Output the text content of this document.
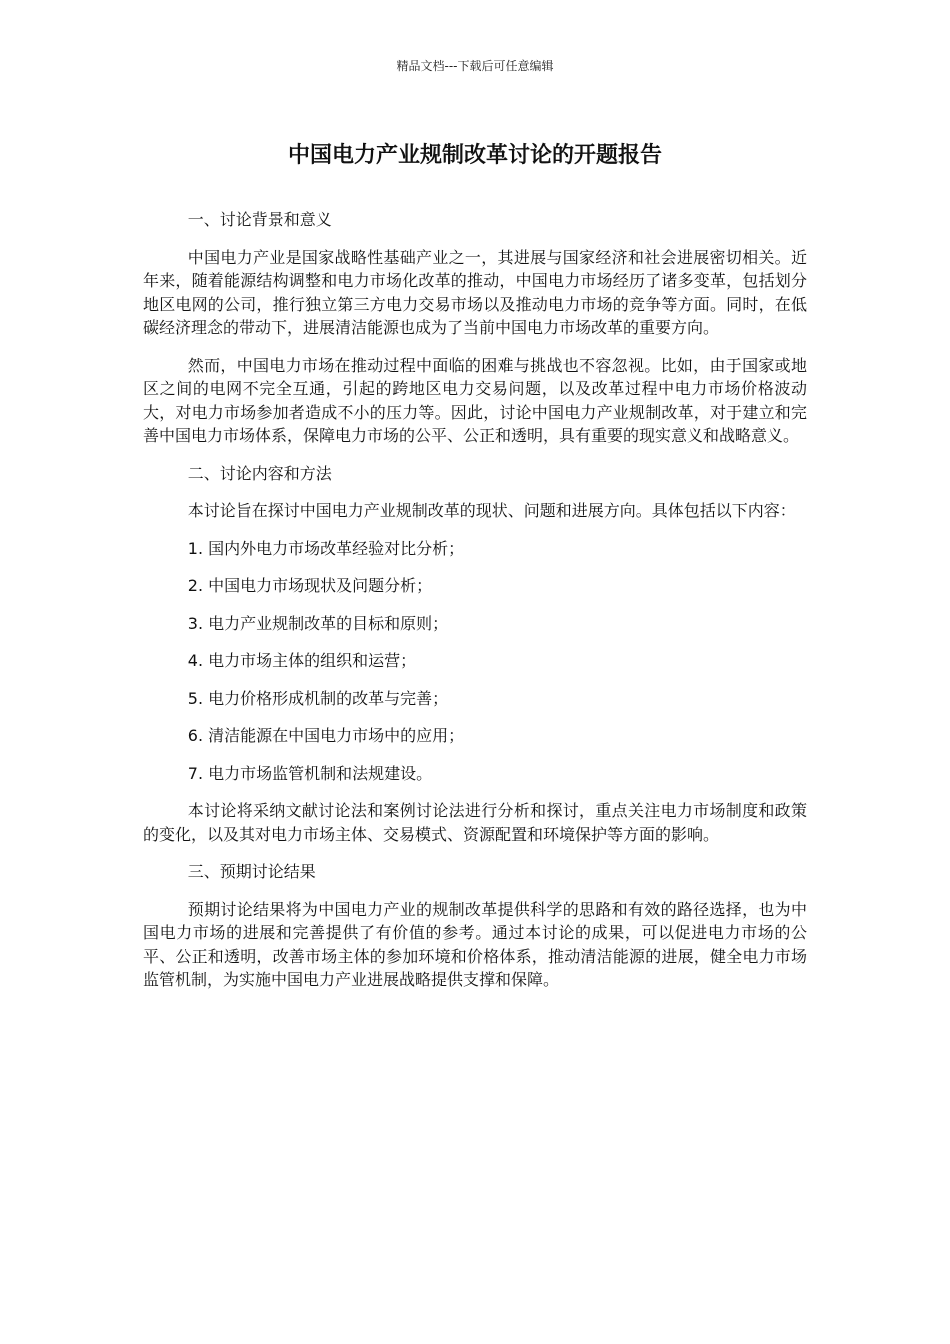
精品文档---下载后可任意编辑
中国电力产业规制改革讨论的开题报告

一、讨论背景和意义

中国电力产业是国家战略性基础产业之一，其进展与国家经济和社会进展密切相关。近年来，随着能源结构调整和电力市场化改革的推动，中国电力市场经历了诸多变革，包括划分地区电网的公司，推行独立第三方电力交易市场以及推动电力市场的竞争等方面。同时，在低碳经济理念的带动下，进展清洁能源也成为了当前中国电力市场改革的重要方向。

然而，中国电力市场在推动过程中面临的困难与挑战也不容忽视。比如，由于国家或地区之间的电网不完全互通，引起的跨地区电力交易问题，以及改革过程中电力市场价格波动大，对电力市场参加者造成不小的压力等。因此，讨论中国电力产业规制改革，对于建立和完善中国电力市场体系，保障电力市场的公平、公正和透明，具有重要的现实意义和战略意义。

二、讨论内容和方法

本讨论旨在探讨中国电力产业规制改革的现状、问题和进展方向。具体包括以下内容：

1. 国内外电力市场改革经验对比分析；

2. 中国电力市场现状及问题分析；

3. 电力产业规制改革的目标和原则；

4. 电力市场主体的组织和运营；

5. 电力价格形成机制的改革与完善；

6. 清洁能源在中国电力市场中的应用；

7. 电力市场监管机制和法规建设。

本讨论将采纳文献讨论法和案例讨论法进行分析和探讨，重点关注电力市场制度和政策的变化，以及其对电力市场主体、交易模式、资源配置和环境保护等方面的影响。

三、预期讨论结果

预期讨论结果将为中国电力产业的规制改革提供科学的思路和有效的路径选择，也为中国电力市场的进展和完善提供了有价值的参考。通过本讨论的成果，可以促进电力市场的公平、公正和透明，改善市场主体的参加环境和价格体系，推动清洁能源的进展，健全电力市场监管机制，为实施中国电力产业进展战略提供支撑和保障。
